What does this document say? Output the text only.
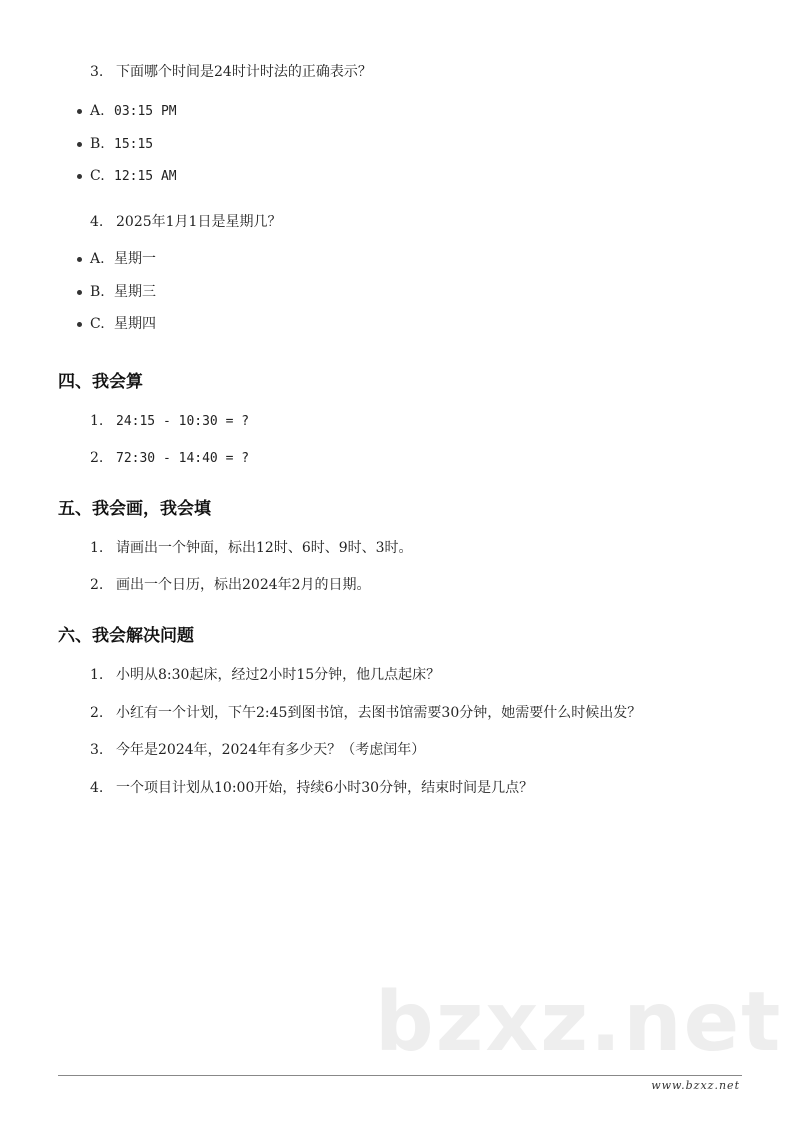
3. 下面哪个时间是24时计时法的正确表示？
A. 03:15 PM
B. 15:15
C. 12:15 AM
4. 2025年1月1日是星期几？
A. 星期一
B. 星期三
C. 星期四
四、我会算
1. 24:15 - 10:30 = ?
2. 72:30 - 14:40 = ?
五、我会画，我会填
1. 请画出一个钟面，标出12时、6时、9时、3时。
2. 画出一个日历，标出2024年2月的日期。
六、我会解决问题
1. 小明从8:30起床，经过2小时15分钟，他几点起床？
2. 小红有一个计划，下午2:45到图书馆，去图书馆需要30分钟，她需要什么时候出发？
3. 今年是2024年，2024年有多少天？（考虑闰年）
4. 一个项目计划从10:00开始，持续6小时30分钟，结束时间是几点？
bzxz.net
www.bzxz.net
